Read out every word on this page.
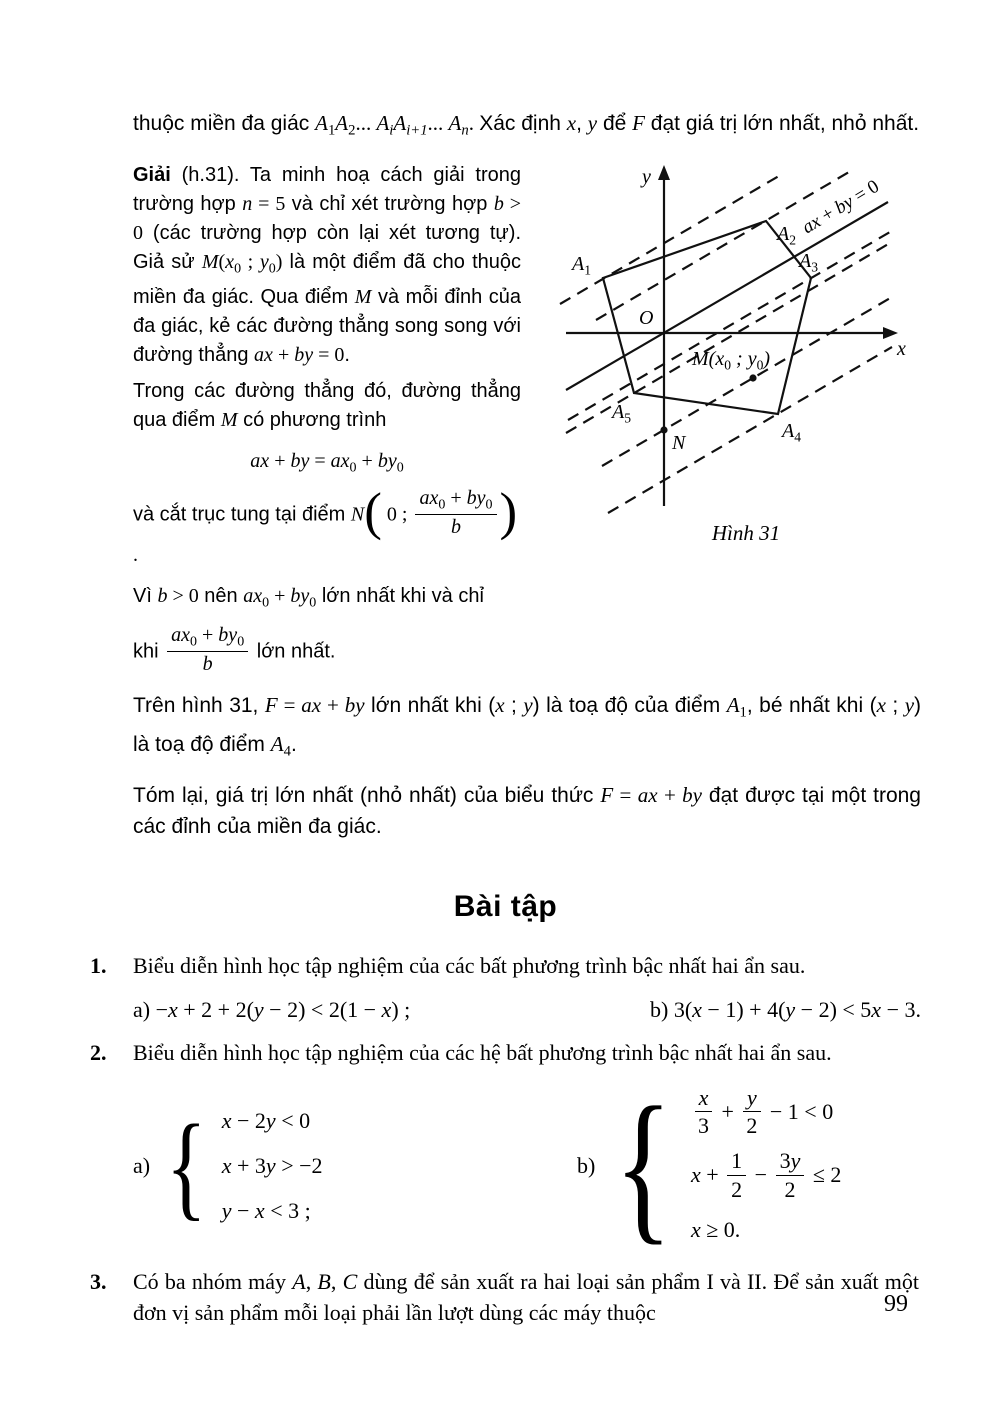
thuộc miền đa giác $A_1A_2$... $A_iA_{i+1}$... $A_n$. Xác định x, y để F đạt giá trị lớn nhất, nhỏ nhất.

Giải (h.31). Ta minh hoạ cách giải trong trường hợp n = 5 và chỉ xét trường hợp b > 0 (các trường hợp còn lại xét tương tự). Giả sử $M(x_0$ ; $y_0$) là một điểm đã cho thuộc miền đa giác. Qua điểm M và mỗi đỉnh của đa giác, kẻ các đường thẳng song song với đường thẳng ax + by = 0.

Trong các đường thẳng đó, đường thẳng qua điểm M có phương trình

ax + by = $ax_0 + by_0$

và cắt trục tung tại điểm N( 0 ; $\frac{ax_0 + by_0}{b}$ ) .

Vì b > 0 nên $ax_0 + by_0$ lớn nhất khi và chỉ

khi $\frac{ax_0 + by_0}{b}$ lớn nhất.

y
x
O
ax + by = 0
$A_1$
$A_2$
$A_3$
$A_4$
$A_5$
$M(x_0$ ; $y_0$)
N
Hình 31

Trên hình 31, F = ax + by lớn nhất khi (x ; y) là toạ độ của điểm $A_1$, bé nhất khi (x ; y) là toạ độ điểm $A_4$.

Tóm lại, giá trị lớn nhất (nhỏ nhất) của biểu thức F = ax + by đạt được tại một trong các đỉnh của miền đa giác.

Bài tập
1.	Biểu diễn hình học tập nghiệm của các bất phương trình bậc nhất hai ẩn sau.

a) −x + 2 + 2(y − 2) < 2(1 − x) ;	b) 3(x − 1) + 4(y − 2) < 5x − 3.
2.	Biểu diễn hình học tập nghiệm của các hệ bất phương trình bậc nhất hai ẩn sau.

a) { x − 2y < 0
x + 3y > −2
y − x < 3 ;
b) { $\frac{x}{3} + \frac{y}{2} - 1 < 0$
$x + \frac{1}{2} - \frac{3y}{2} \le 2$
x ≥ 0.
3.	Có ba nhóm máy A, B, C dùng để sản xuất ra hai loại sản phẩm I và II. Để sản xuất một đơn vị sản phẩm mỗi loại phải lần lượt dùng các máy thuộc	99
